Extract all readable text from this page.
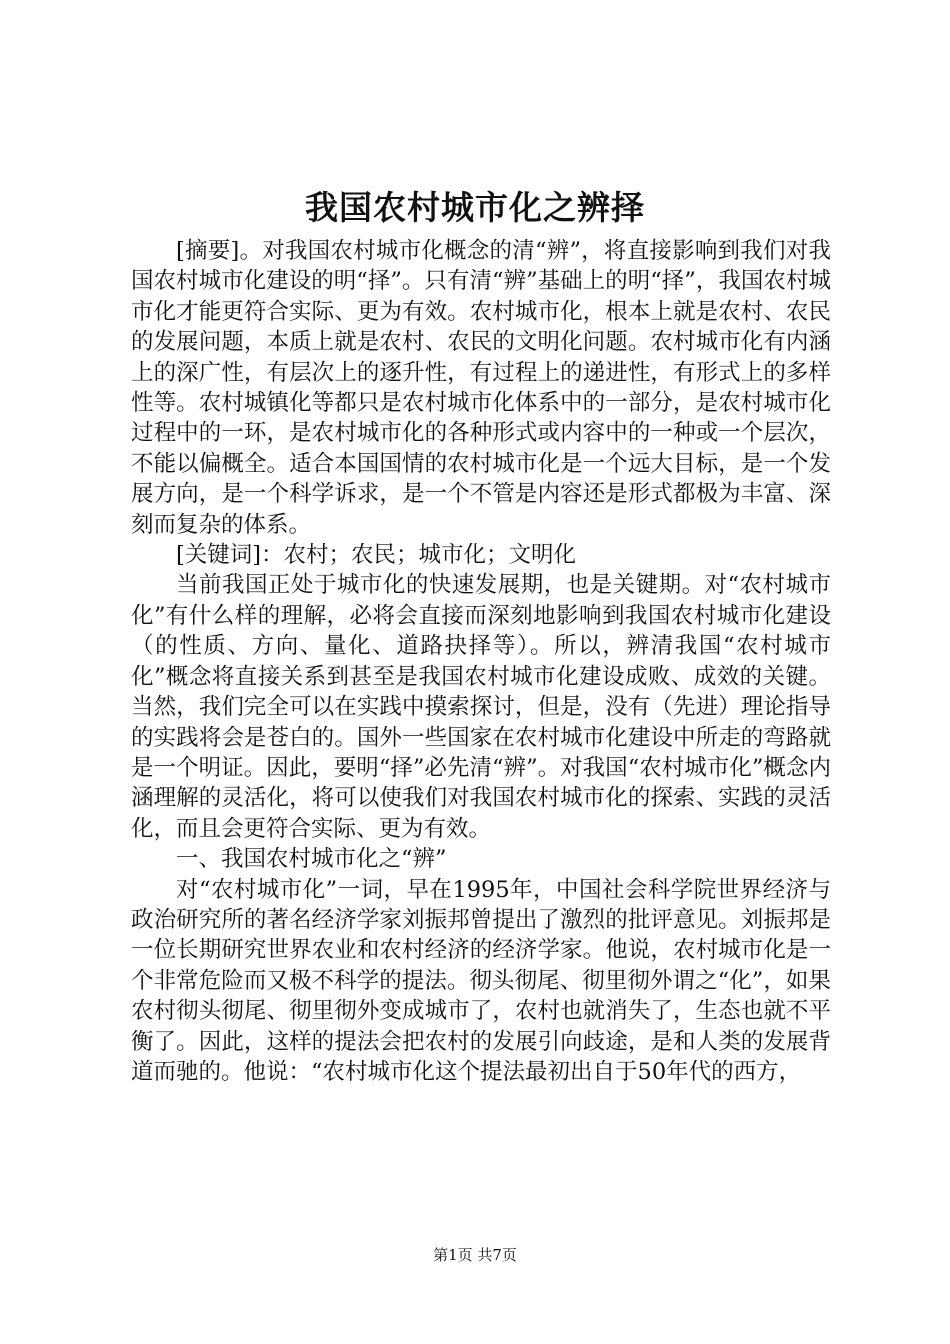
我国农村城市化之辨择

[摘要]。对我国农村城市化概念的清“辨”，将直接影响到我们对我国农村城市化建设的明“择”。只有清“辨”基础上的明“择”，我国农村城市化才能更符合实际、更为有效。农村城市化，根本上就是农村、农民的发展问题，本质上就是农村、农民的文明化问题。农村城市化有内涵上的深广性，有层次上的逐升性，有过程上的递进性，有形式上的多样性等。农村城镇化等都只是农村城市化体系中的一部分，是农村城市化过程中的一环，是农村城市化的各种形式或内容中的一种或一个层次，不能以偏概全。适合本国国情的农村城市化是一个远大目标，是一个发展方向，是一个科学诉求，是一个不管是内容还是形式都极为丰富、深刻而复杂的体系。

[关键词]：农村；农民；城市化；文明化

当前我国正处于城市化的快速发展期，也是关键期。对“农村城市化”有什么样的理解，必将会直接而深刻地影响到我国农村城市化建设（的性质、方向、量化、道路抉择等）。所以，辨清我国“农村城市化”概念将直接关系到甚至是我国农村城市化建设成败、成效的关键。当然，我们完全可以在实践中摸索探讨，但是，没有（先进）理论指导的实践将会是苍白的。国外一些国家在农村城市化建设中所走的弯路就是一个明证。因此，要明“择”必先清“辨”。对我国“农村城市化”概念内涵理解的灵活化，将可以使我们对我国农村城市化的探索、实践的灵活化，而且会更符合实际、更为有效。

一、我国农村城市化之“辨”

对“农村城市化”一词，早在1995年，中国社会科学院世界经济与政治研究所的著名经济学家刘振邦曾提出了激烈的批评意见。刘振邦是一位长期研究世界农业和农村经济的经济学家。他说，农村城市化是一个非常危险而又极不科学的提法。彻头彻尾、彻里彻外谓之“化”，如果农村彻头彻尾、彻里彻外变成城市了，农村也就消失了，生态也就不平衡了。因此，这样的提法会把农村的发展引向歧途，是和人类的发展背道而驰的。他说：“农村城市化这个提法最初出自于50年代的西方，

第1页 共7页
